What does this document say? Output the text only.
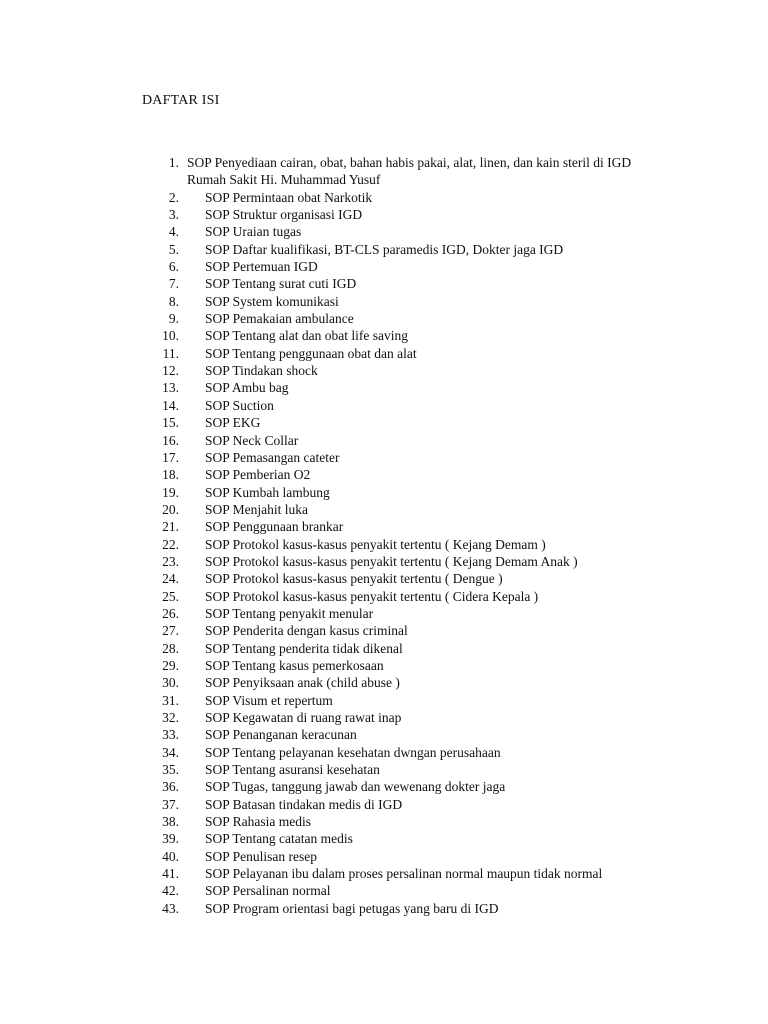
DAFTAR ISI
1. SOP Penyediaan cairan, obat, bahan habis pakai, alat, linen, dan kain steril di IGD Rumah Sakit Hi. Muhammad Yusuf
2.	SOP Permintaan obat Narkotik
3.	SOP Struktur organisasi IGD
4.	SOP Uraian tugas
5.	SOP Daftar kualifikasi, BT-CLS paramedis IGD, Dokter jaga IGD
6.	SOP Pertemuan IGD
7.	SOP Tentang surat cuti IGD
8.	SOP System komunikasi
9.	SOP Pemakaian ambulance
10.	SOP Tentang alat dan obat life saving
11.	SOP Tentang penggunaan obat dan alat
12.	SOP Tindakan shock
13.	SOP Ambu bag
14.	SOP Suction
15.	SOP EKG
16.	SOP Neck Collar
17.	SOP Pemasangan cateter
18.	SOP Pemberian O2
19.	SOP Kumbah lambung
20.	SOP Menjahit luka
21.	SOP Penggunaan brankar
22.	SOP Protokol kasus-kasus penyakit tertentu ( Kejang Demam )
23.	SOP Protokol kasus-kasus penyakit tertentu ( Kejang Demam Anak )
24.	SOP Protokol kasus-kasus penyakit tertentu ( Dengue )
25.	SOP Protokol kasus-kasus penyakit tertentu ( Cidera Kepala )
26.	SOP Tentang penyakit menular
27.	SOP Penderita dengan kasus criminal
28.	SOP Tentang penderita tidak dikenal
29.	SOP Tentang kasus pemerkosaan
30.	SOP Penyiksaan anak (child abuse )
31.	SOP Visum et repertum
32.	SOP Kegawatan di ruang rawat inap
33.	SOP Penanganan keracunan
34.	SOP Tentang pelayanan kesehatan dwngan perusahaan
35.	SOP Tentang asuransi kesehatan
36.	SOP Tugas, tanggung jawab dan wewenang dokter jaga
37.	SOP Batasan tindakan medis di IGD
38.	SOP Rahasia medis
39.	SOP Tentang catatan medis
40.	SOP Penulisan resep
41.	SOP Pelayanan ibu dalam proses persalinan normal maupun tidak normal
42.	SOP Persalinan normal
43.	SOP Program orientasi bagi petugas yang baru di IGD
